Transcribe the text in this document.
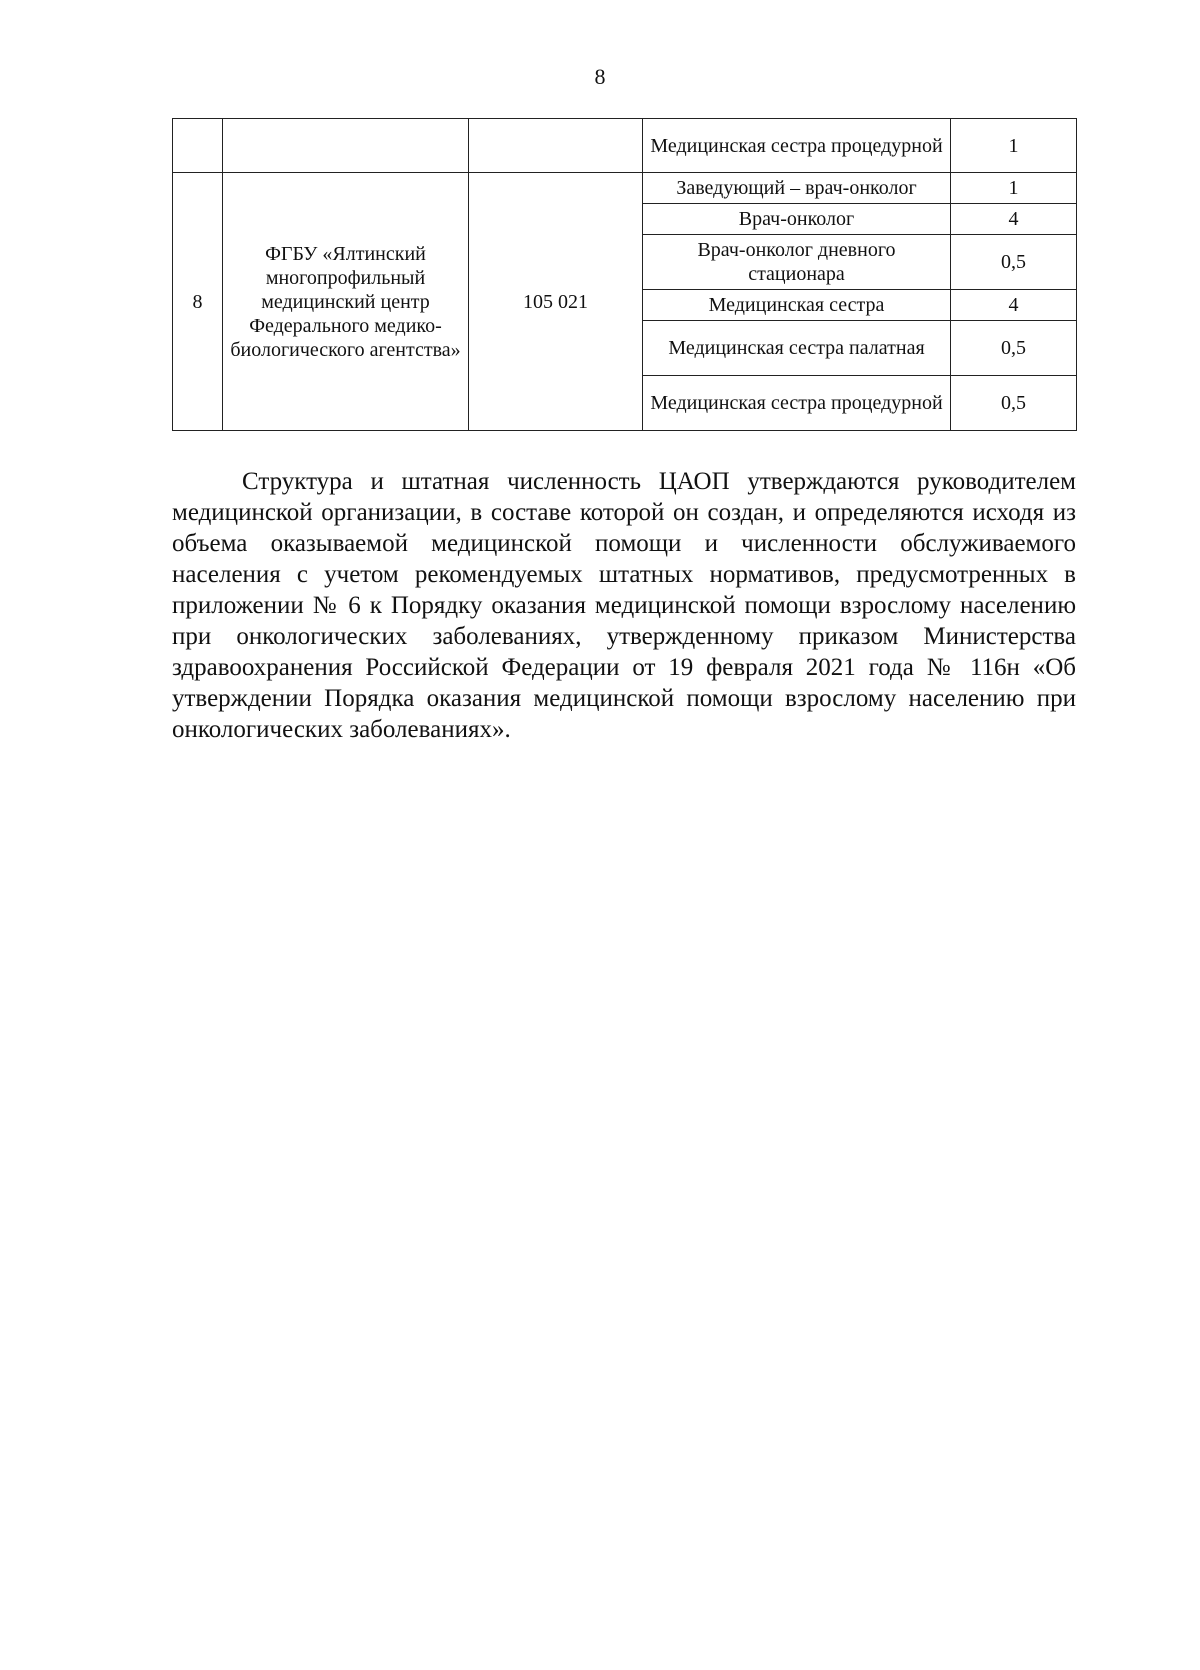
8
			Медицинская сестра процедурной	1
8	ФГБУ «Ялтинский многопрофильный медицинский центр Федерального медико-биологического агентства»	105 021	Заведующий – врач-онколог	1
			Врач-онколог	4
			Врач-онколог дневного стационара	0,5
			Медицинская сестра	4
			Медицинская сестра палатная	0,5
			Медицинская сестра процедурной	0,5

Структура и штатная численность ЦАОП утверждаются руководителем медицинской организации, в составе которой он создан, и определяются исходя из объема оказываемой медицинской помощи и численности обслуживаемого населения с учетом рекомендуемых штатных нормативов, предусмотренных в приложении № 6 к Порядку оказания медицинской помощи взрослому населению при онкологических заболеваниях, утвержденному приказом Министерства здравоохранения Российской Федерации от 19 февраля 2021 года № 116н «Об утверждении Порядка оказания медицинской помощи взрослому населению при онкологических заболеваниях».
